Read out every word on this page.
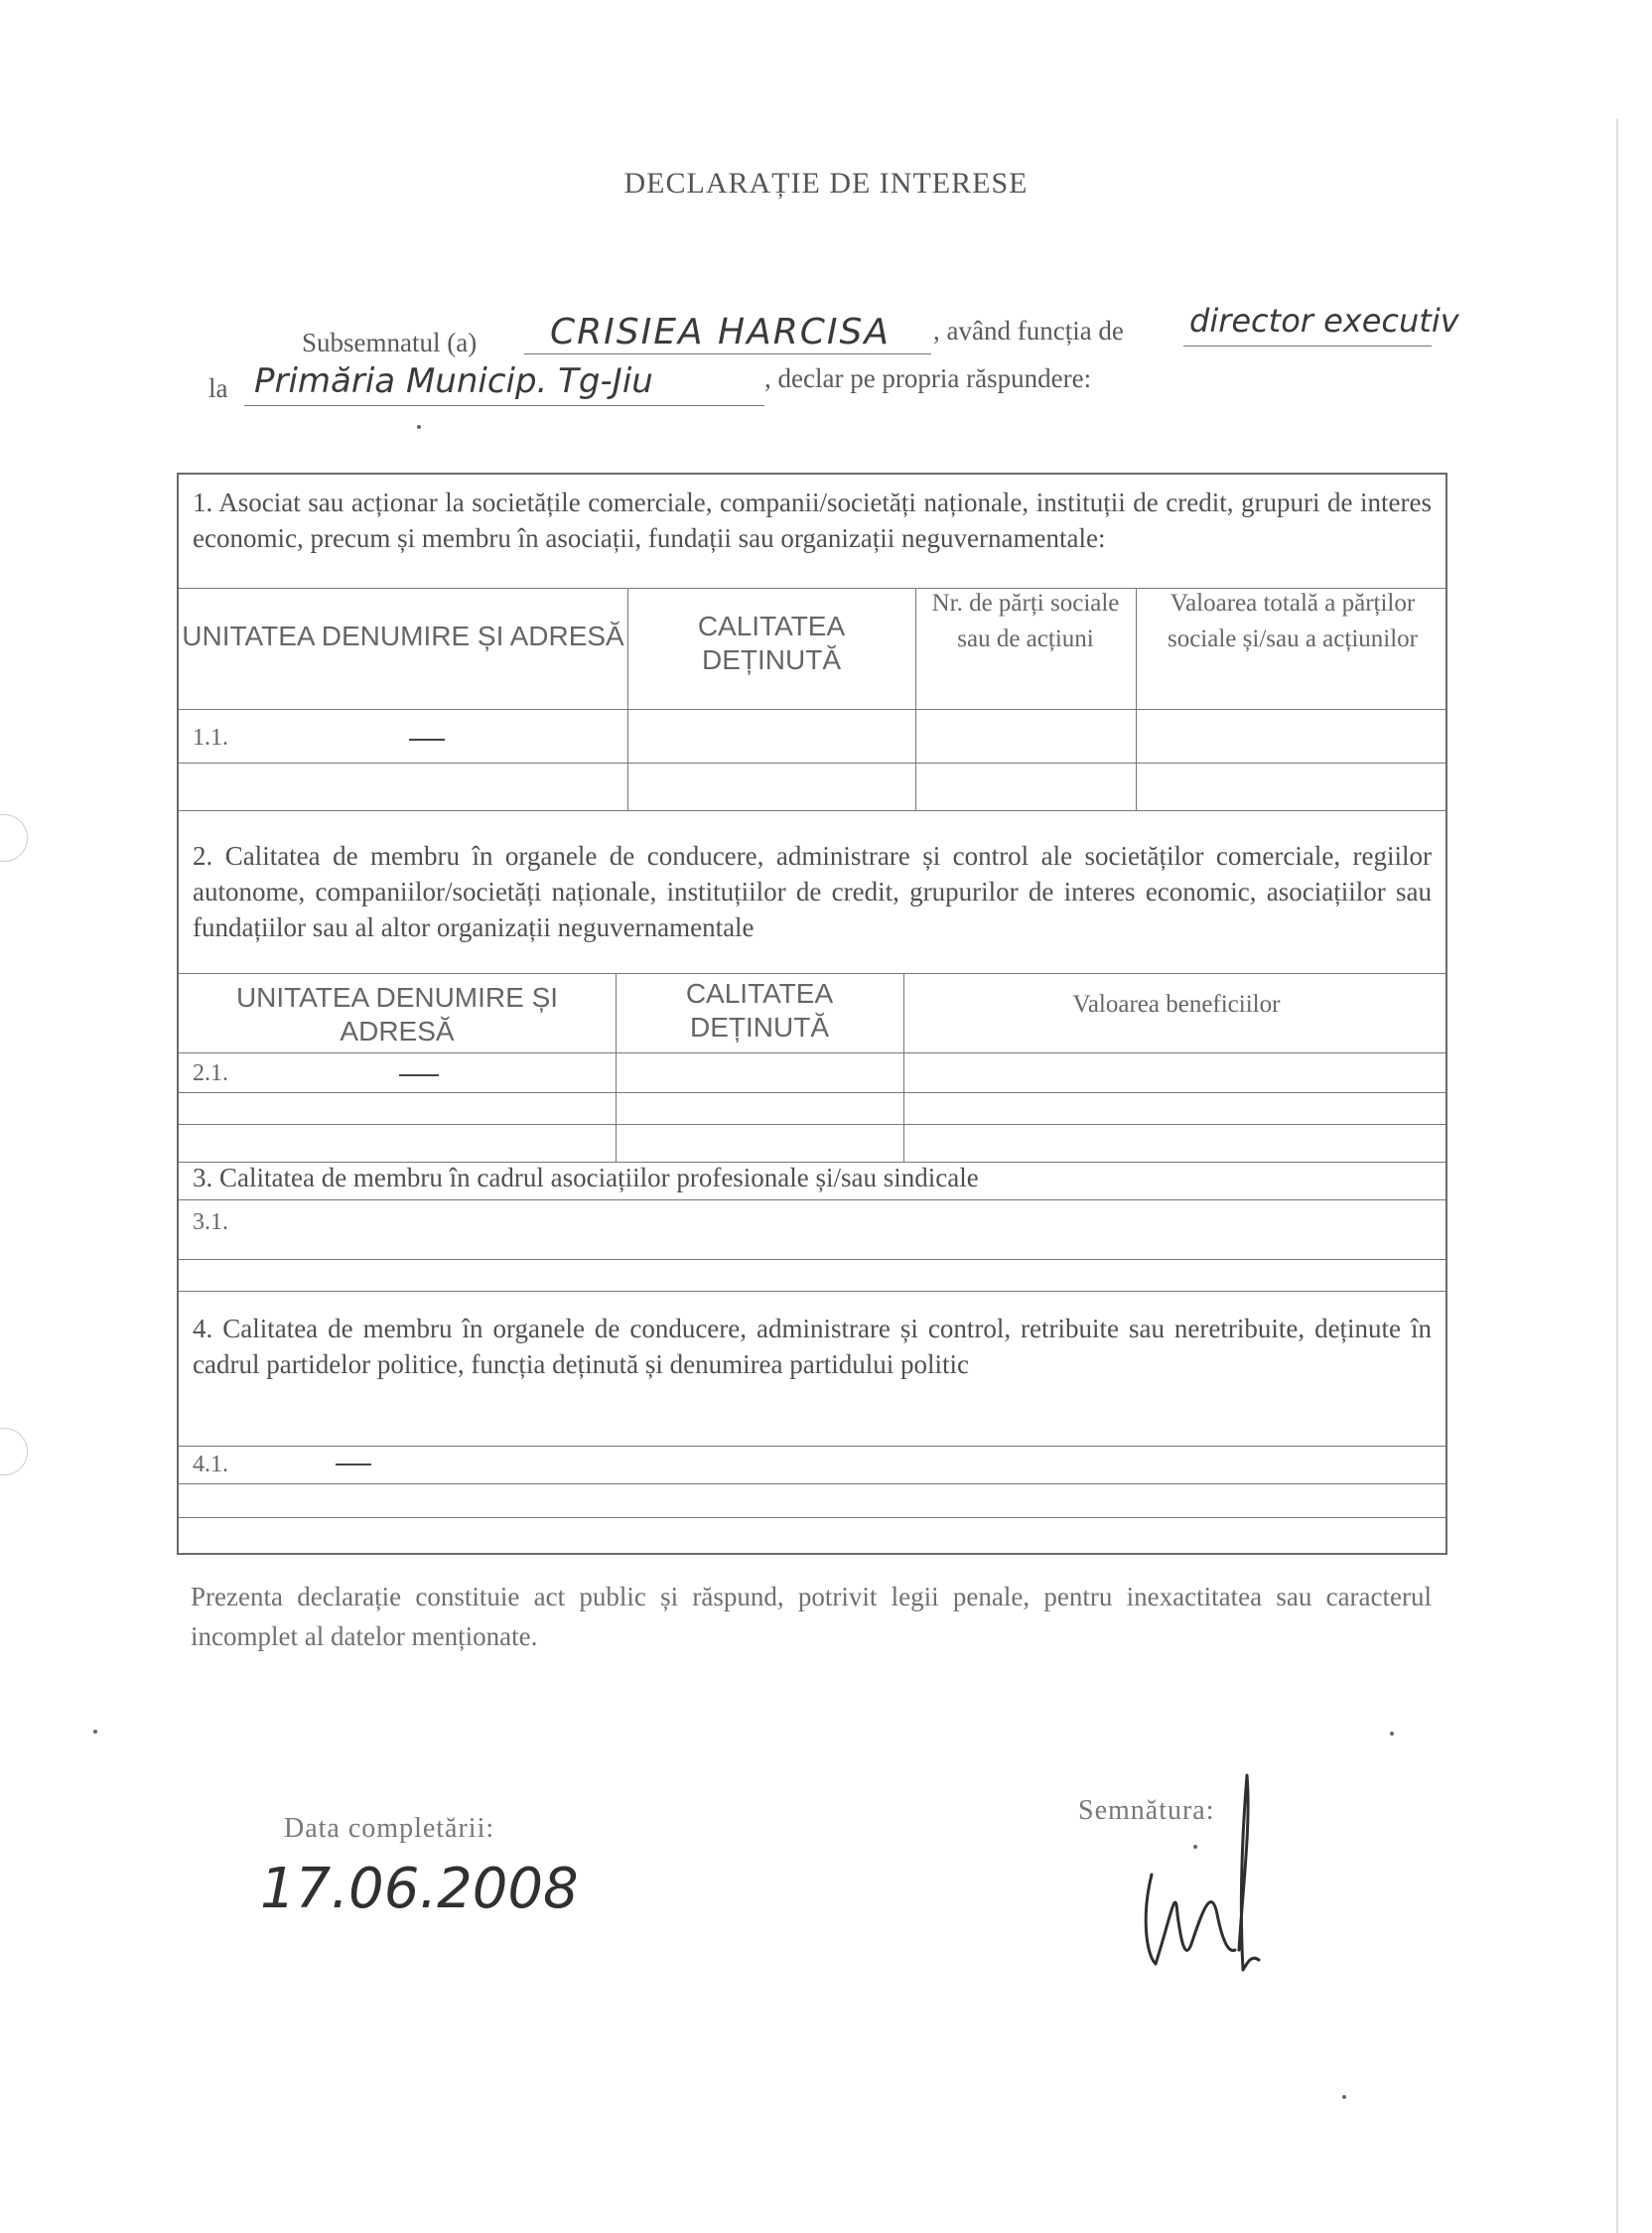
DECLARAȚIE DE INTERESE
Subsemnatul (a) CRISIEA HARCISA , având funcția de director executiv
la Primăria Municip. Tg-Jiu	, declar pe propria răspundere:
1. Asociat sau acționar la societățile comerciale, companii/societăți naționale, instituții de credit, grupuri de interes economic, precum și membru în asociații, fundații sau organizații neguvernamentale:
UNITATEA DENUMIRE ȘI ADRESĂ	CALITATEA DEȚINUTĂ
Nr. de părți sociale sau de acțiuni
Valoarea totală a părților sociale și/sau a acțiunilor
1.1.
2. Calitatea de membru în organele de conducere, administrare și control ale societăților comerciale, regiilor autonome, companiilor/societăți naționale, instituțiilor de credit, grupurilor de interes economic, asociațiilor sau fundațiilor sau al altor organizații neguvernamentale
UNITATEA DENUMIRE ȘI ADRESĂ
CALITATEA DEȚINUTĂ
Valoarea beneficiilor
2.1.
3. Calitatea de membru în cadrul asociațiilor profesionale și/sau sindicale
3.1.
4. Calitatea de membru în organele de conducere, administrare și control, retribuite sau neretribuite, deținute în cadrul partidelor politice, funcția deținută și denumirea partidului politic
4.1.
Prezenta declarație constituie act public și răspund, potrivit legii penale, pentru inexactitatea sau caracterul incomplet al datelor menționate.
Data completării:
17.06.2008
Semnătura:
